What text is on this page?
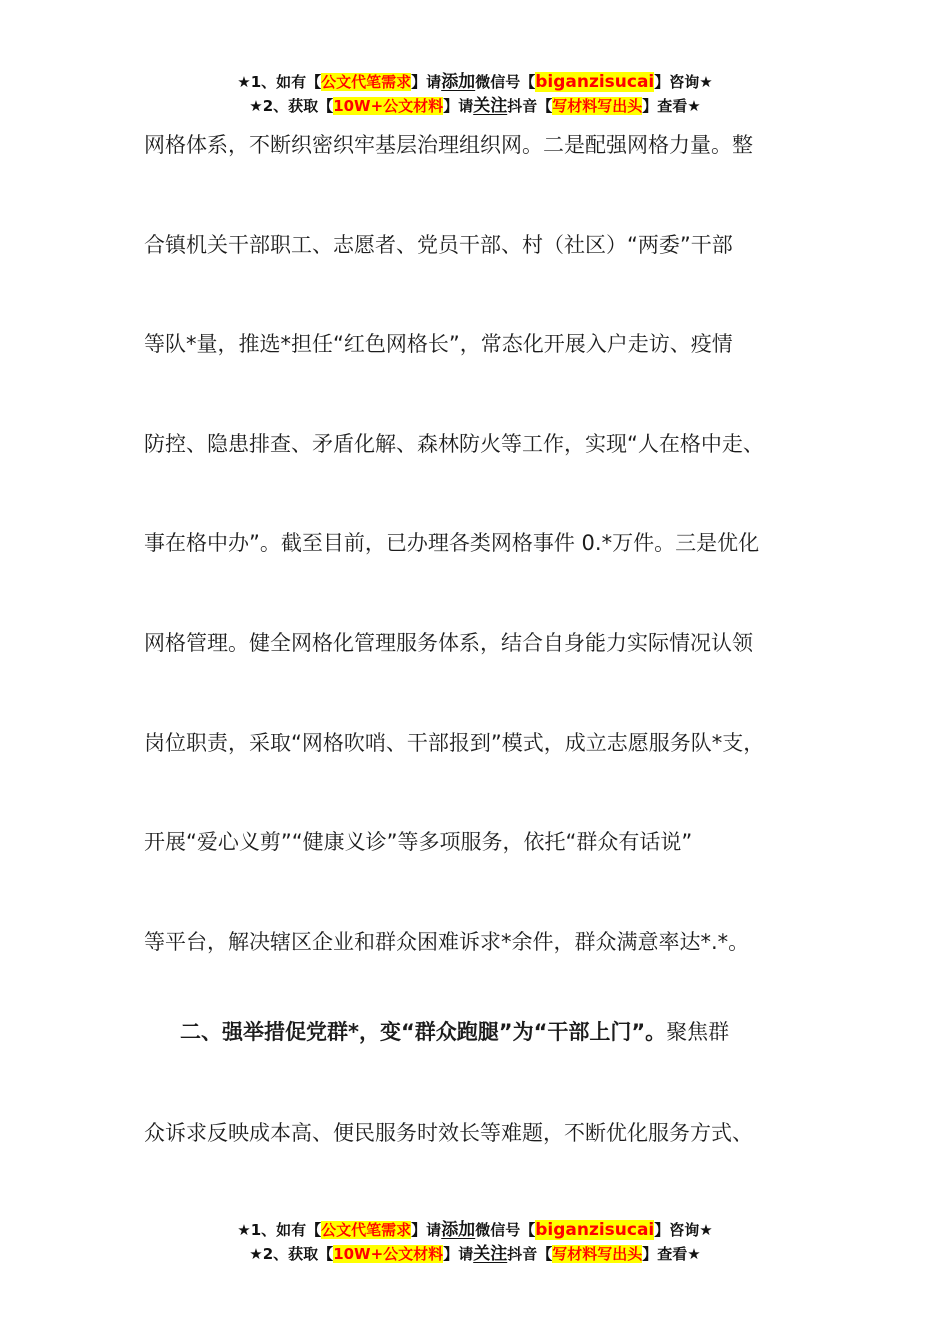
★1、如有【公文代笔需求】请添加微信号【biganzisucai】咨询★
★2、获取【10W+公文材料】请关注抖音【写材料写出头】查看★
网格体系，不断织密织牢基层治理组织网。二是配强网格力量。整
合镇机关干部职工、志愿者、党员干部、村（社区）“两委”干部
等队*量，推选*担任“红色网格长”，常态化开展入户走访、疫情
防控、隐患排查、矛盾化解、森林防火等工作，实现“人在格中走、
事在格中办”。截至目前，已办理各类网格事件 0.*万件。三是优化
网格管理。健全网格化管理服务体系，结合自身能力实际情况认领
岗位职责，采取“网格吹哨、干部报到”模式，成立志愿服务队*支，
开展“爱心义剪”“健康义诊”等多项服务，依托“群众有话说”
等平台，解决辖区企业和群众困难诉求*余件，群众满意率达*.*。
二、强举措促党群*，变“群众跑腿”为“干部上门”。聚焦群
众诉求反映成本高、便民服务时效长等难题，不断优化服务方式、
★1、如有【公文代笔需求】请添加微信号【biganzisucai】咨询★
★2、获取【10W+公文材料】请关注抖音【写材料写出头】查看★
